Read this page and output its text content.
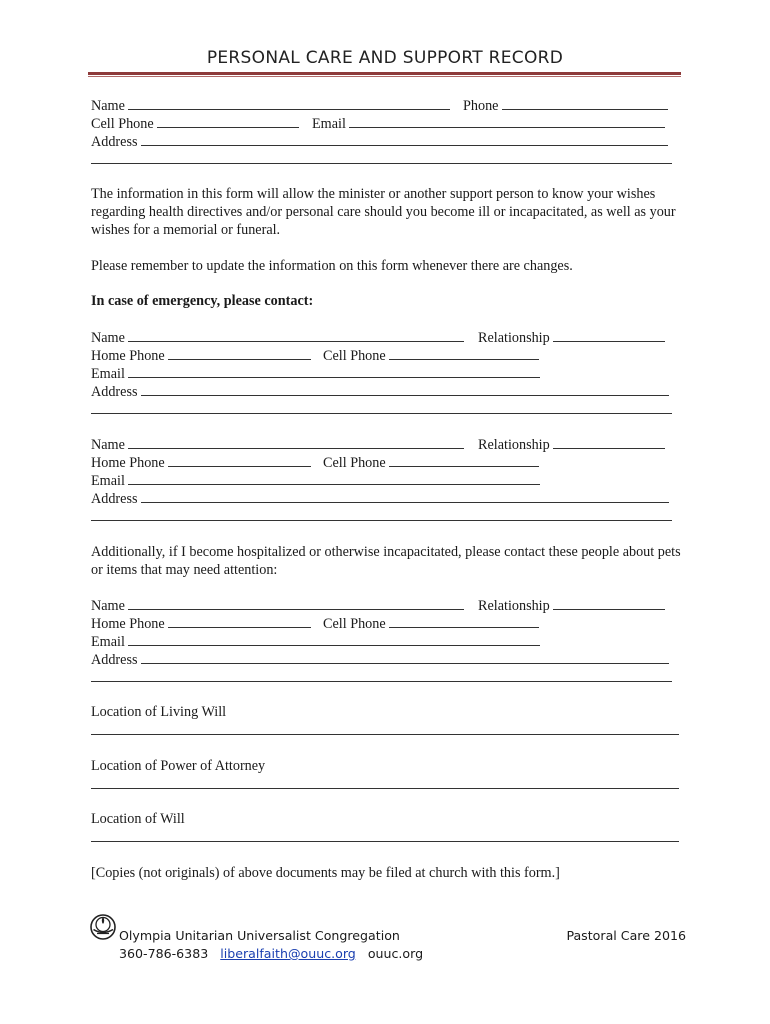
PERSONAL CARE AND SUPPORT RECORD
Name	Phone
Cell Phone	Email
Address
The information in this form will allow the minister or another support person to know your wishes regarding health directives and/or personal care should you become ill or incapacitated, as well as your wishes for a memorial or funeral.
Please remember to update the information on this form whenever there are changes.
In case of emergency, please contact:
Name	Relationship
Home Phone	Cell Phone
Email
Address
Name	Relationship
Home Phone	Cell Phone
Email
Address
Additionally, if I become hospitalized or otherwise incapacitated, please contact these people about pets or items that may need attention:
Name	Relationship
Home Phone	Cell Phone
Email
Address
Location of Living Will
Location of Power of Attorney
Location of Will
[Copies (not originals) of above documents may be filed at church with this form.]
Olympia Unitarian Universalist Congregation	Pastoral Care 2016
360-786-6383 liberalfaith@ouuc.org ouuc.org
